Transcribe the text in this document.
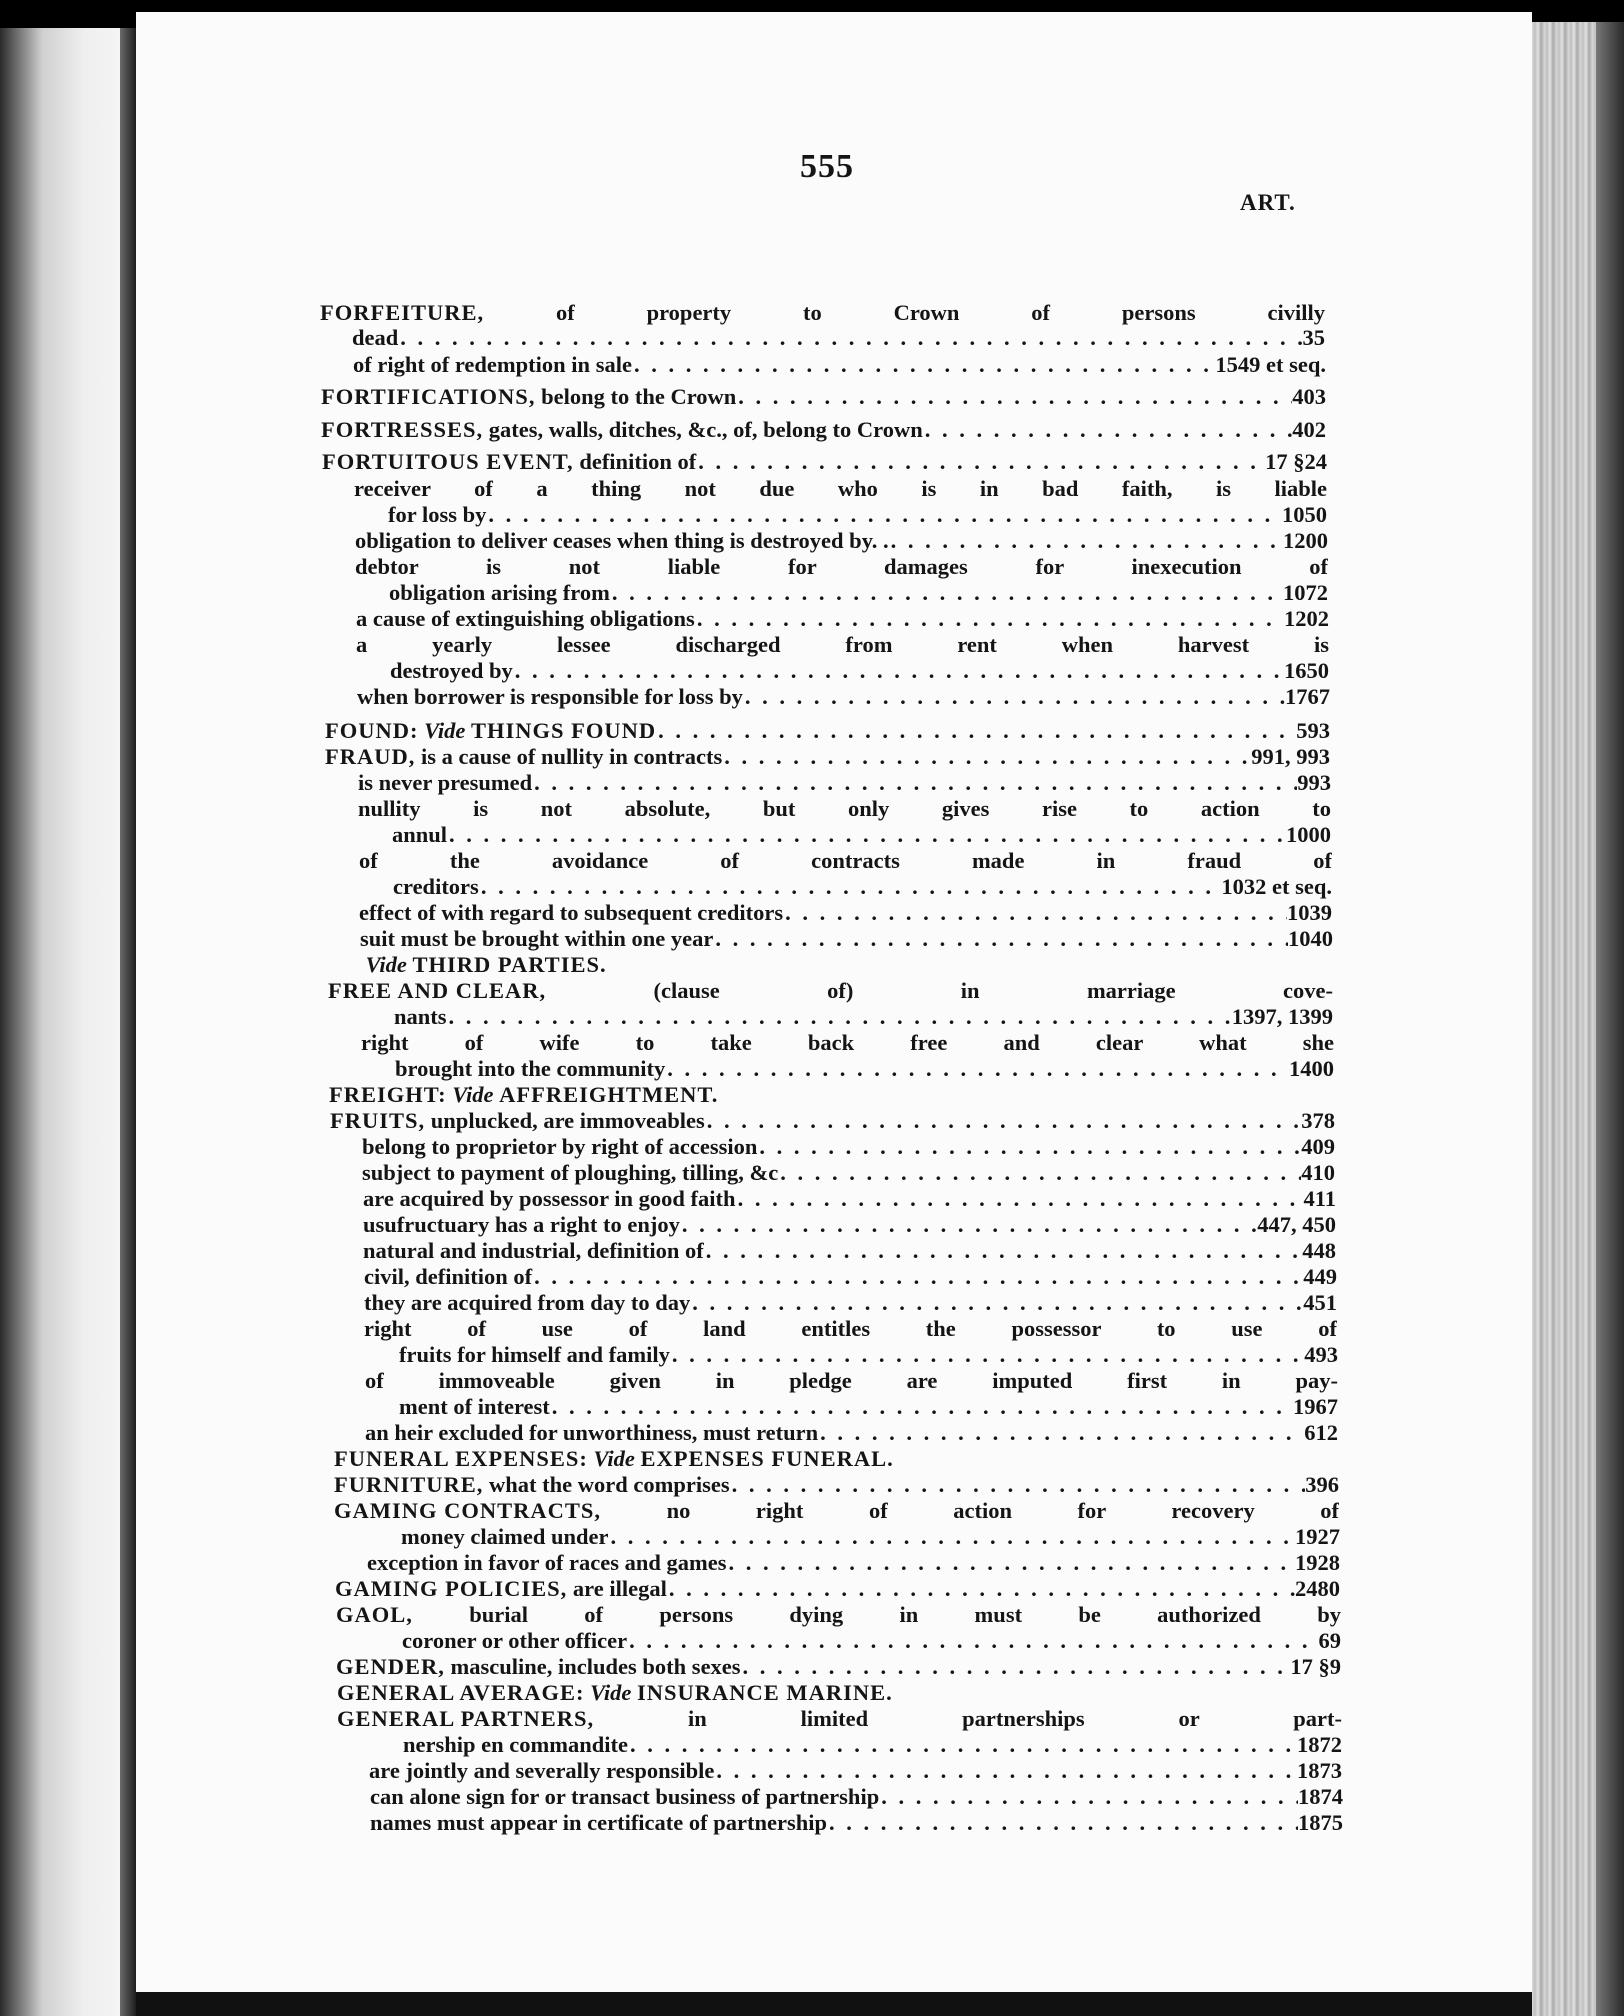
555
ART.
FORFEITURE, of property to Crown of persons civilly
dead . . .	35
of right of redemption in sale . . .	1549 et seq.
FORTIFICATIONS, belong to the Crown . . .	403
FORTRESSES, gates, walls, ditches, &c., of, belong to Crown . . .	402
FORTUITOUS EVENT, definition of . . .	17 §24
receiver of a thing not due who is in bad faith, is liable
for loss by . . .	1050
obligation to deliver ceases when thing is destroyed by. . . . .	1200
debtor is not liable for damages for inexecution of
obligation arising from . . .	1072
a cause of extinguishing obligations . . .	1202
a yearly lessee discharged from rent when harvest is
destroyed by . . .	1650
when borrower is responsible for loss by . . .	1767
FOUND: Vide THINGS FOUND . . .	593
FRAUD, is a cause of nullity in contracts . . .	991, 993
is never presumed . . .	993
nullity is not absolute, but only gives rise to action to
annul . . .	1000
of the avoidance of contracts made in fraud of
creditors . . .	1032 et seq.
effect of with regard to subsequent creditors . . .	1039
suit must be brought within one year . . .	1040
Vide THIRD PARTIES.
FREE AND CLEAR, (clause of) in marriage cove-
nants . . .	1397, 1399
right of wife to take back free and clear what she
brought into the community . . .	1400
FREIGHT: Vide AFFREIGHTMENT.
FRUITS, unplucked, are immoveables . . .	378
belong to proprietor by right of accession . . .	409
subject to payment of ploughing, tilling, &c . . .	410
are acquired by possessor in good faith . . .	411
usufructuary has a right to enjoy . . .	447, 450
natural and industrial, definition of . . .	448
civil, definition of . . .	449
they are acquired from day to day . . .	451
right of use of land entitles the possessor to use of
fruits for himself and family . . .	493
of immoveable given in pledge are imputed first in pay-
ment of interest . . .	1967
an heir excluded for unworthiness, must return . . .	612
FUNERAL EXPENSES: Vide EXPENSES FUNERAL.
FURNITURE, what the word comprises . . .	396
GAMING CONTRACTS, no right of action for recovery of
money claimed under . . .	1927
exception in favor of races and games . . .	1928
GAMING POLICIES, are illegal . . .	2480
GAOL, burial of persons dying in must be authorized by
coroner or other officer . . .	69
GENDER, masculine, includes both sexes . . .	17 §9
GENERAL AVERAGE: Vide INSURANCE MARINE.
GENERAL PARTNERS, in limited partnerships or part-
nership en commandite . . .	1872
are jointly and severally responsible . . .	1873
can alone sign for or transact business of partnership . . .	1874
names must appear in certificate of partnership . . .	1875
